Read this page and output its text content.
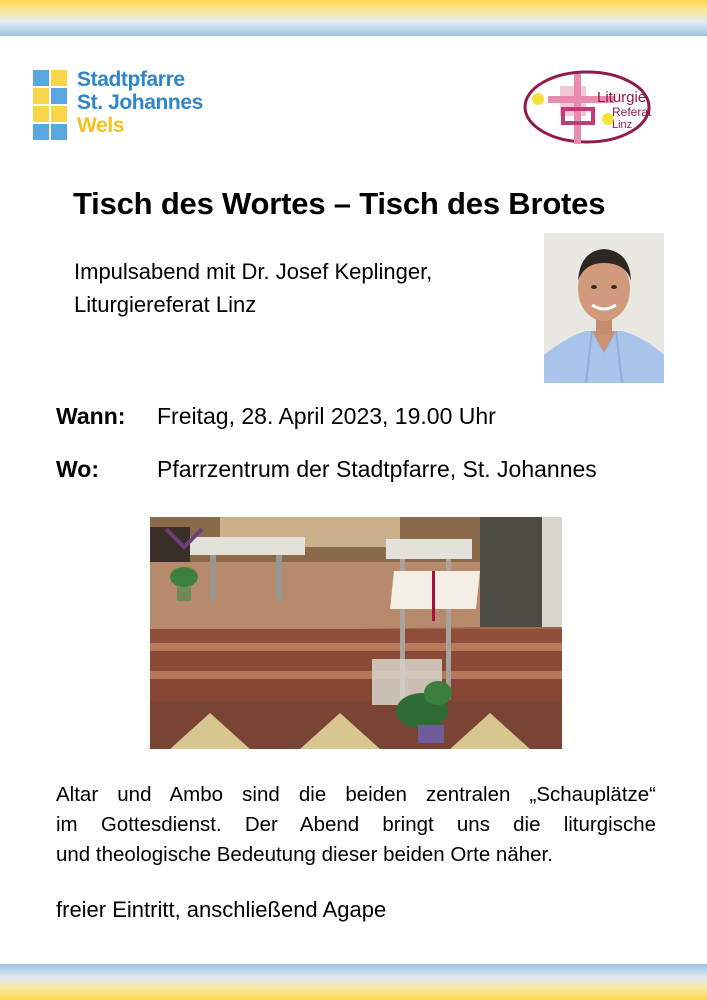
Stadtpfarre
St. Johannes
Wels
Liturgie
Referat
Linz
Tisch des Wortes – Tisch des Brotes
Impulsabend mit Dr. Josef Keplinger,
Liturgiereferat Linz
Wann: Freitag, 28. April 2023, 19.00 Uhr
Wo:	Pfarrzentrum der Stadtpfarre, St. Johannes
Altar und Ambo sind die beiden zentralen „Schauplätze“
im Gottesdienst. Der Abend bringt uns die liturgische
und theologische Bedeutung dieser beiden Orte näher.
freier Eintritt, anschließend Agape
